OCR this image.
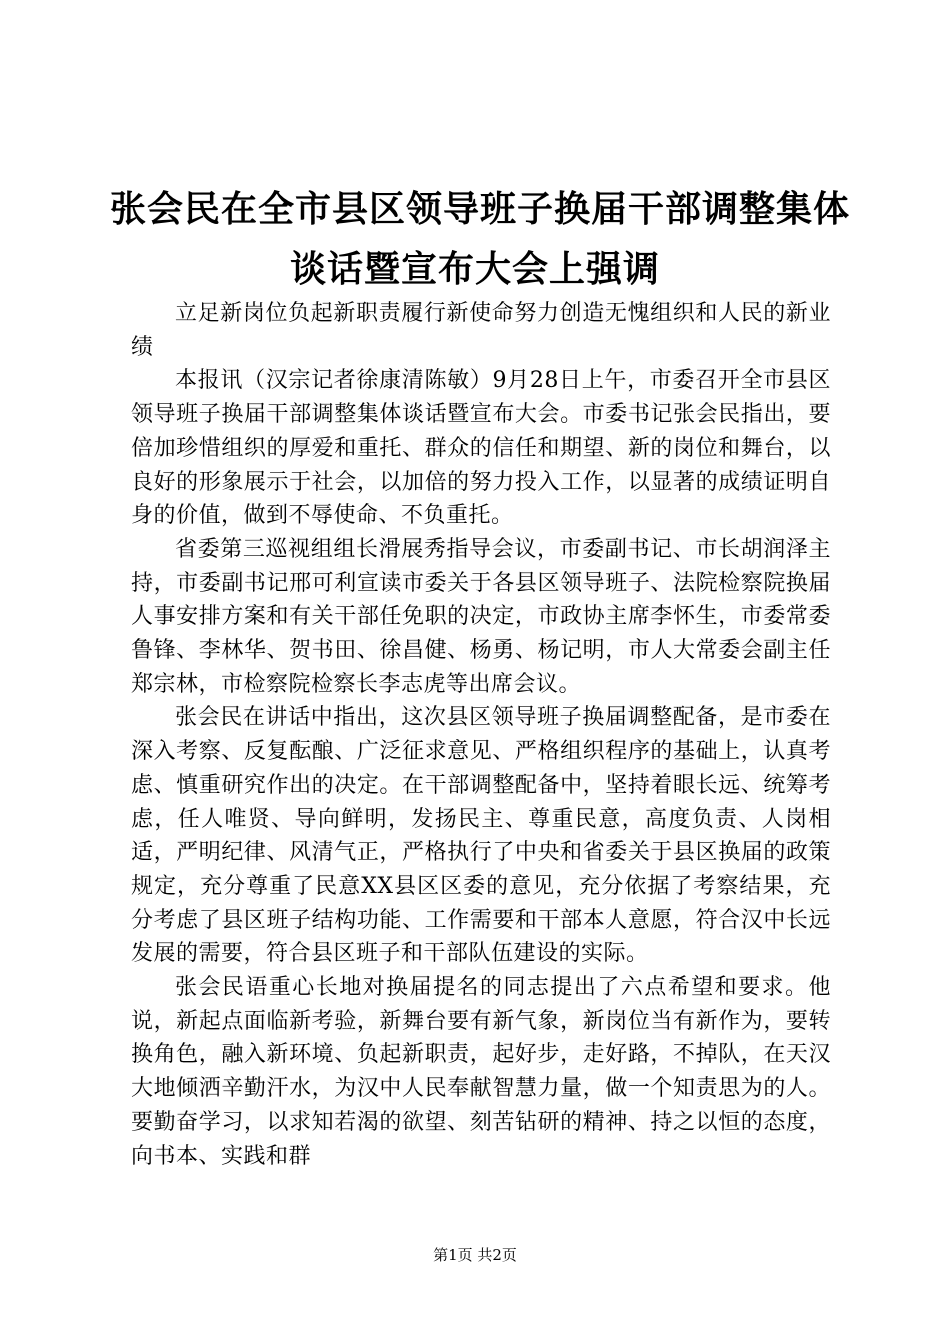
张会民在全市县区领导班子换届干部调整集体
谈话暨宣布大会上强调

立足新岗位负起新职责履行新使命努力创造无愧组织和人民的新业绩

本报讯（汉宗记者徐康清陈敏）9月28日上午，市委召开全市县区领导班子换届干部调整集体谈话暨宣布大会。市委书记张会民指出，要倍加珍惜组织的厚爱和重托、群众的信任和期望、新的岗位和舞台，以良好的形象展示于社会，以加倍的努力投入工作，以显著的成绩证明自身的价值，做到不辱使命、不负重托。

省委第三巡视组组长滑展秀指导会议，市委副书记、市长胡润泽主持，市委副书记邢可利宣读市委关于各县区领导班子、法院检察院换届人事安排方案和有关干部任免职的决定，市政协主席李怀生，市委常委鲁锋、李林华、贺书田、徐昌健、杨勇、杨记明，市人大常委会副主任郑宗林，市检察院检察长李志虎等出席会议。

张会民在讲话中指出，这次县区领导班子换届调整配备，是市委在深入考察、反复酝酿、广泛征求意见、严格组织程序的基础上，认真考虑、慎重研究作出的决定。在干部调整配备中，坚持着眼长远、统筹考虑，任人唯贤、导向鲜明，发扬民主、尊重民意，高度负责、人岗相适，严明纪律、风清气正，严格执行了中央和省委关于县区换届的政策规定，充分尊重了民意XX县区区委的意见，充分依据了考察结果，充分考虑了县区班子结构功能、工作需要和干部本人意愿，符合汉中长远发展的需要，符合县区班子和干部队伍建设的实际。

张会民语重心长地对换届提名的同志提出了六点希望和要求。他说，新起点面临新考验，新舞台要有新气象，新岗位当有新作为，要转换角色，融入新环境、负起新职责，起好步，走好路，不掉队，在天汉大地倾洒辛勤汗水，为汉中人民奉献智慧力量，做一个知责思为的人。要勤奋学习，以求知若渴的欲望、刻苦钻研的精神、持之以恒的态度，向书本、实践和群

第1页 共2页
